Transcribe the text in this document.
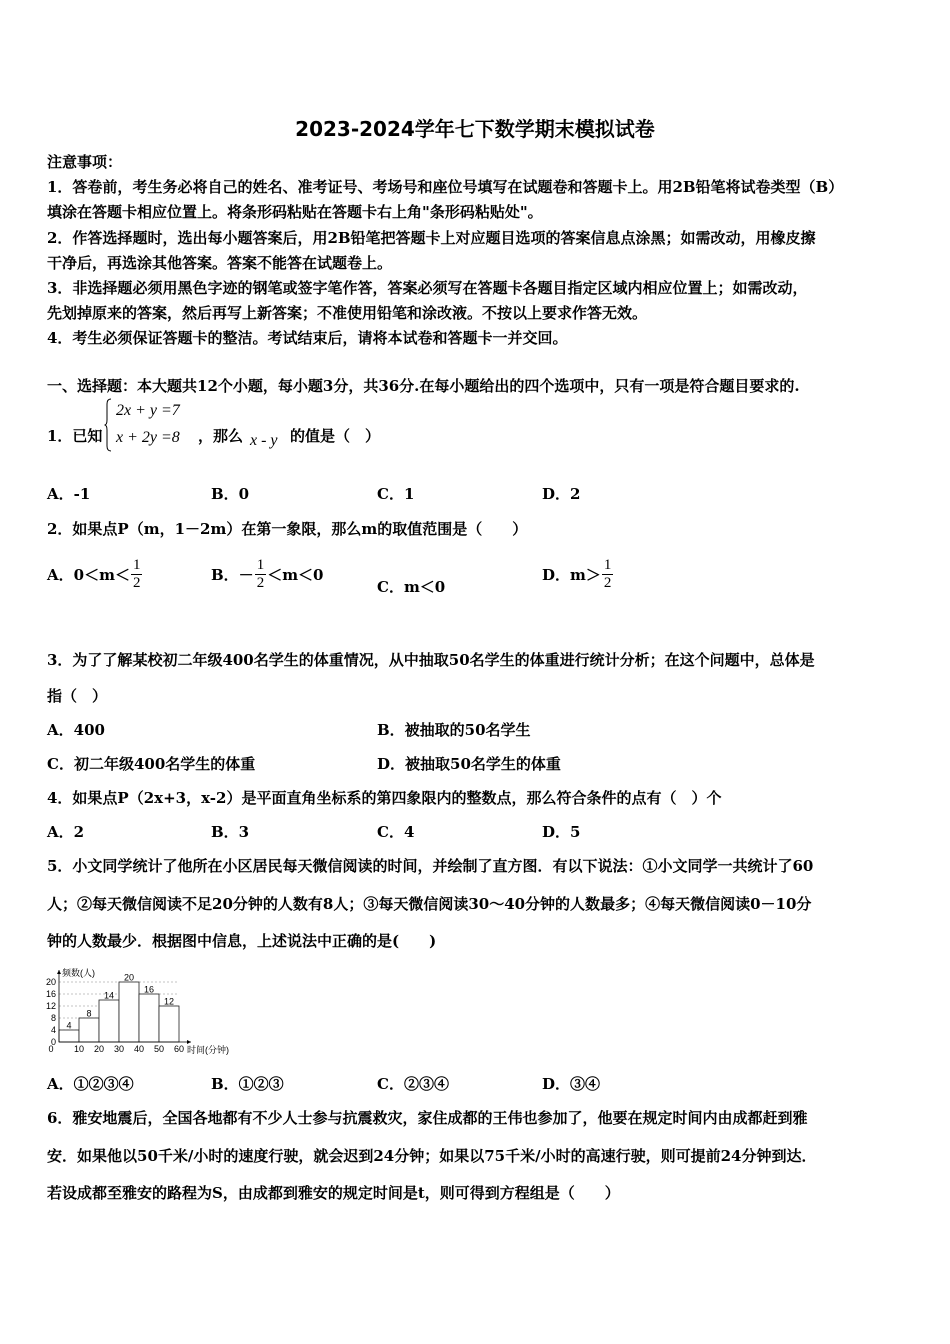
2023-2024学年七下数学期末模拟试卷
注意事项：
1．答卷前，考生务必将自己的姓名、准考证号、考场号和座位号填写在试题卷和答题卡上。用2B铅笔将试卷类型（B）
填涂在答题卡相应位置上。将条形码粘贴在答题卡右上角"条形码粘贴处"。
2．作答选择题时，选出每小题答案后，用2B铅笔把答题卡上对应题目选项的答案信息点涂黑；如需改动，用橡皮擦
干净后，再选涂其他答案。答案不能答在试题卷上。
3．非选择题必须用黑色字迹的钢笔或签字笔作答，答案必须写在答题卡各题目指定区域内相应位置上；如需改动，
先划掉原来的答案，然后再写上新答案；不准使用铅笔和涂改液。不按以上要求作答无效。
4．考生必须保证答题卡的整洁。考试结束后，请将本试卷和答题卡一并交回。
一、选择题：本大题共12个小题，每小题3分，共36分.在每小题给出的四个选项中，只有一项是符合题目要求的.
1．已知
2x + y =7
x + 2y =8 ，那么 x - y 的值是（　）
A．-1	B．0	C．1	D．2
2．如果点P（m，1－2m）在第一象限，那么m的取值范围是（　　）
A．$0<m< \frac{1}{2}$	B．－ $\frac{1}{2} <m<0$
C．m＜0
D．$m> \frac{1}{2}$
3．为了了解某校初二年级400名学生的体重情况，从中抽取50名学生的体重进行统计分析；在这个问题中，总体是
指（　）
A．400	B．被抽取的50名学生
C．初二年级400名学生的体重	D．被抽取50名学生的体重
4．如果点P（2x+3，x-2）是平面直角坐标系的第四象限内的整数点，那么符合条件的点有（　）个
A．2	B．3	C．4	D．5
5．小文同学统计了他所在小区居民每天微信阅读的时间，并绘制了直方图．有以下说法：①小文同学一共统计了60
人；②每天微信阅读不足20分钟的人数有8人；③每天微信阅读30～40分钟的人数最多；④每天微信阅读0－10分
钟的人数最少．根据图中信息，上述说法中正确的是(　　)
4
8
14
20
16
12
0
4
8
12
16
20
10 20 30 40 50 60
0
频数(人)
时间(分钟)
A．①②③④	B．①②③	C．②③④	D．③④
6．雅安地震后，全国各地都有不少人士参与抗震救灾，家住成都的王伟也参加了，他要在规定时间内由成都赶到雅
安．如果他以50千米/小时的速度行驶，就会迟到24分钟；如果以75千米/小时的高速行驶，则可提前24分钟到达．
若设成都至雅安的路程为S，由成都到雅安的规定时间是t，则可得到方程组是（　　）
